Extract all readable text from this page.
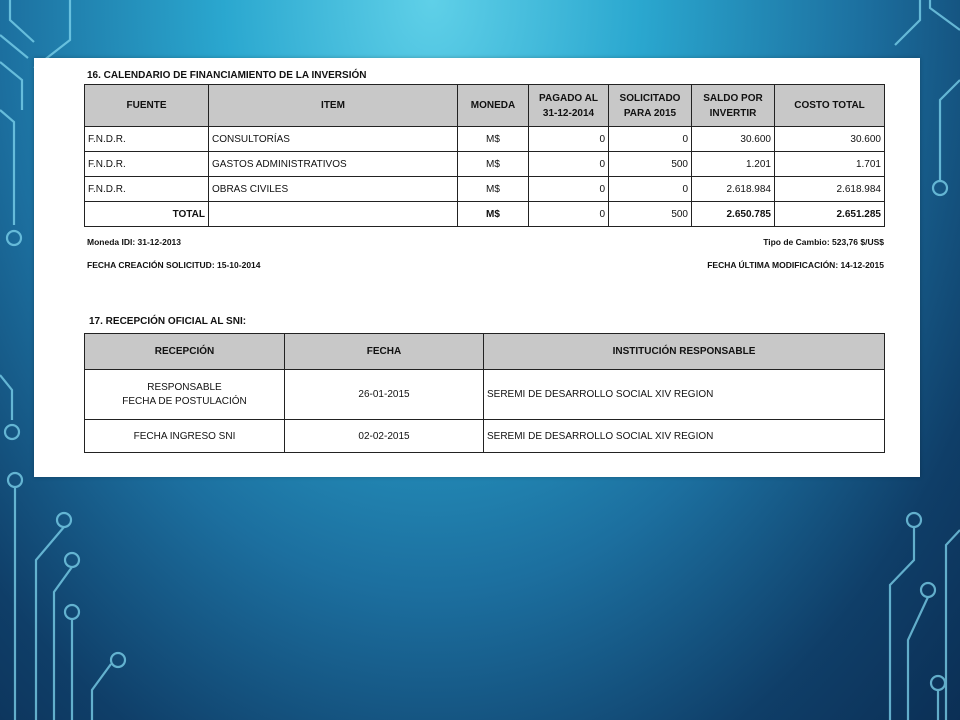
16. CALENDARIO DE FINANCIAMIENTO DE LA INVERSIÓN
FUENTE	ITEM	MONEDA	PAGADO AL 31-12-2014	SOLICITADO PARA 2015	SALDO POR INVERTIR	COSTO TOTAL
F.N.D.R.	CONSULTORÍAS	M$	0	0	30.600	30.600
F.N.D.R.	GASTOS ADMINISTRATIVOS	M$	0	500	1.201	1.701
F.N.D.R.	OBRAS CIVILES	M$	0	0	2.618.984	2.618.984
TOTAL		M$	0	500	2.650.785	2.651.285
Moneda IDI: 31-12-2013	Tipo de Cambio: 523,76 $/US$
FECHA CREACIÓN SOLICITUD: 15-10-2014	FECHA ÚLTIMA MODIFICACIÓN: 14-12-2015
17. RECEPCIÓN OFICIAL AL SNI:
RECEPCIÓN	FECHA	INSTITUCIÓN RESPONSABLE

RESPONSABLE
FECHA DE POSTULACIÓN	26-01-2015	SEREMI DE DESARROLLO SOCIAL XIV REGION
FECHA INGRESO SNI	02-02-2015	SEREMI DE DESARROLLO SOCIAL XIV REGION
